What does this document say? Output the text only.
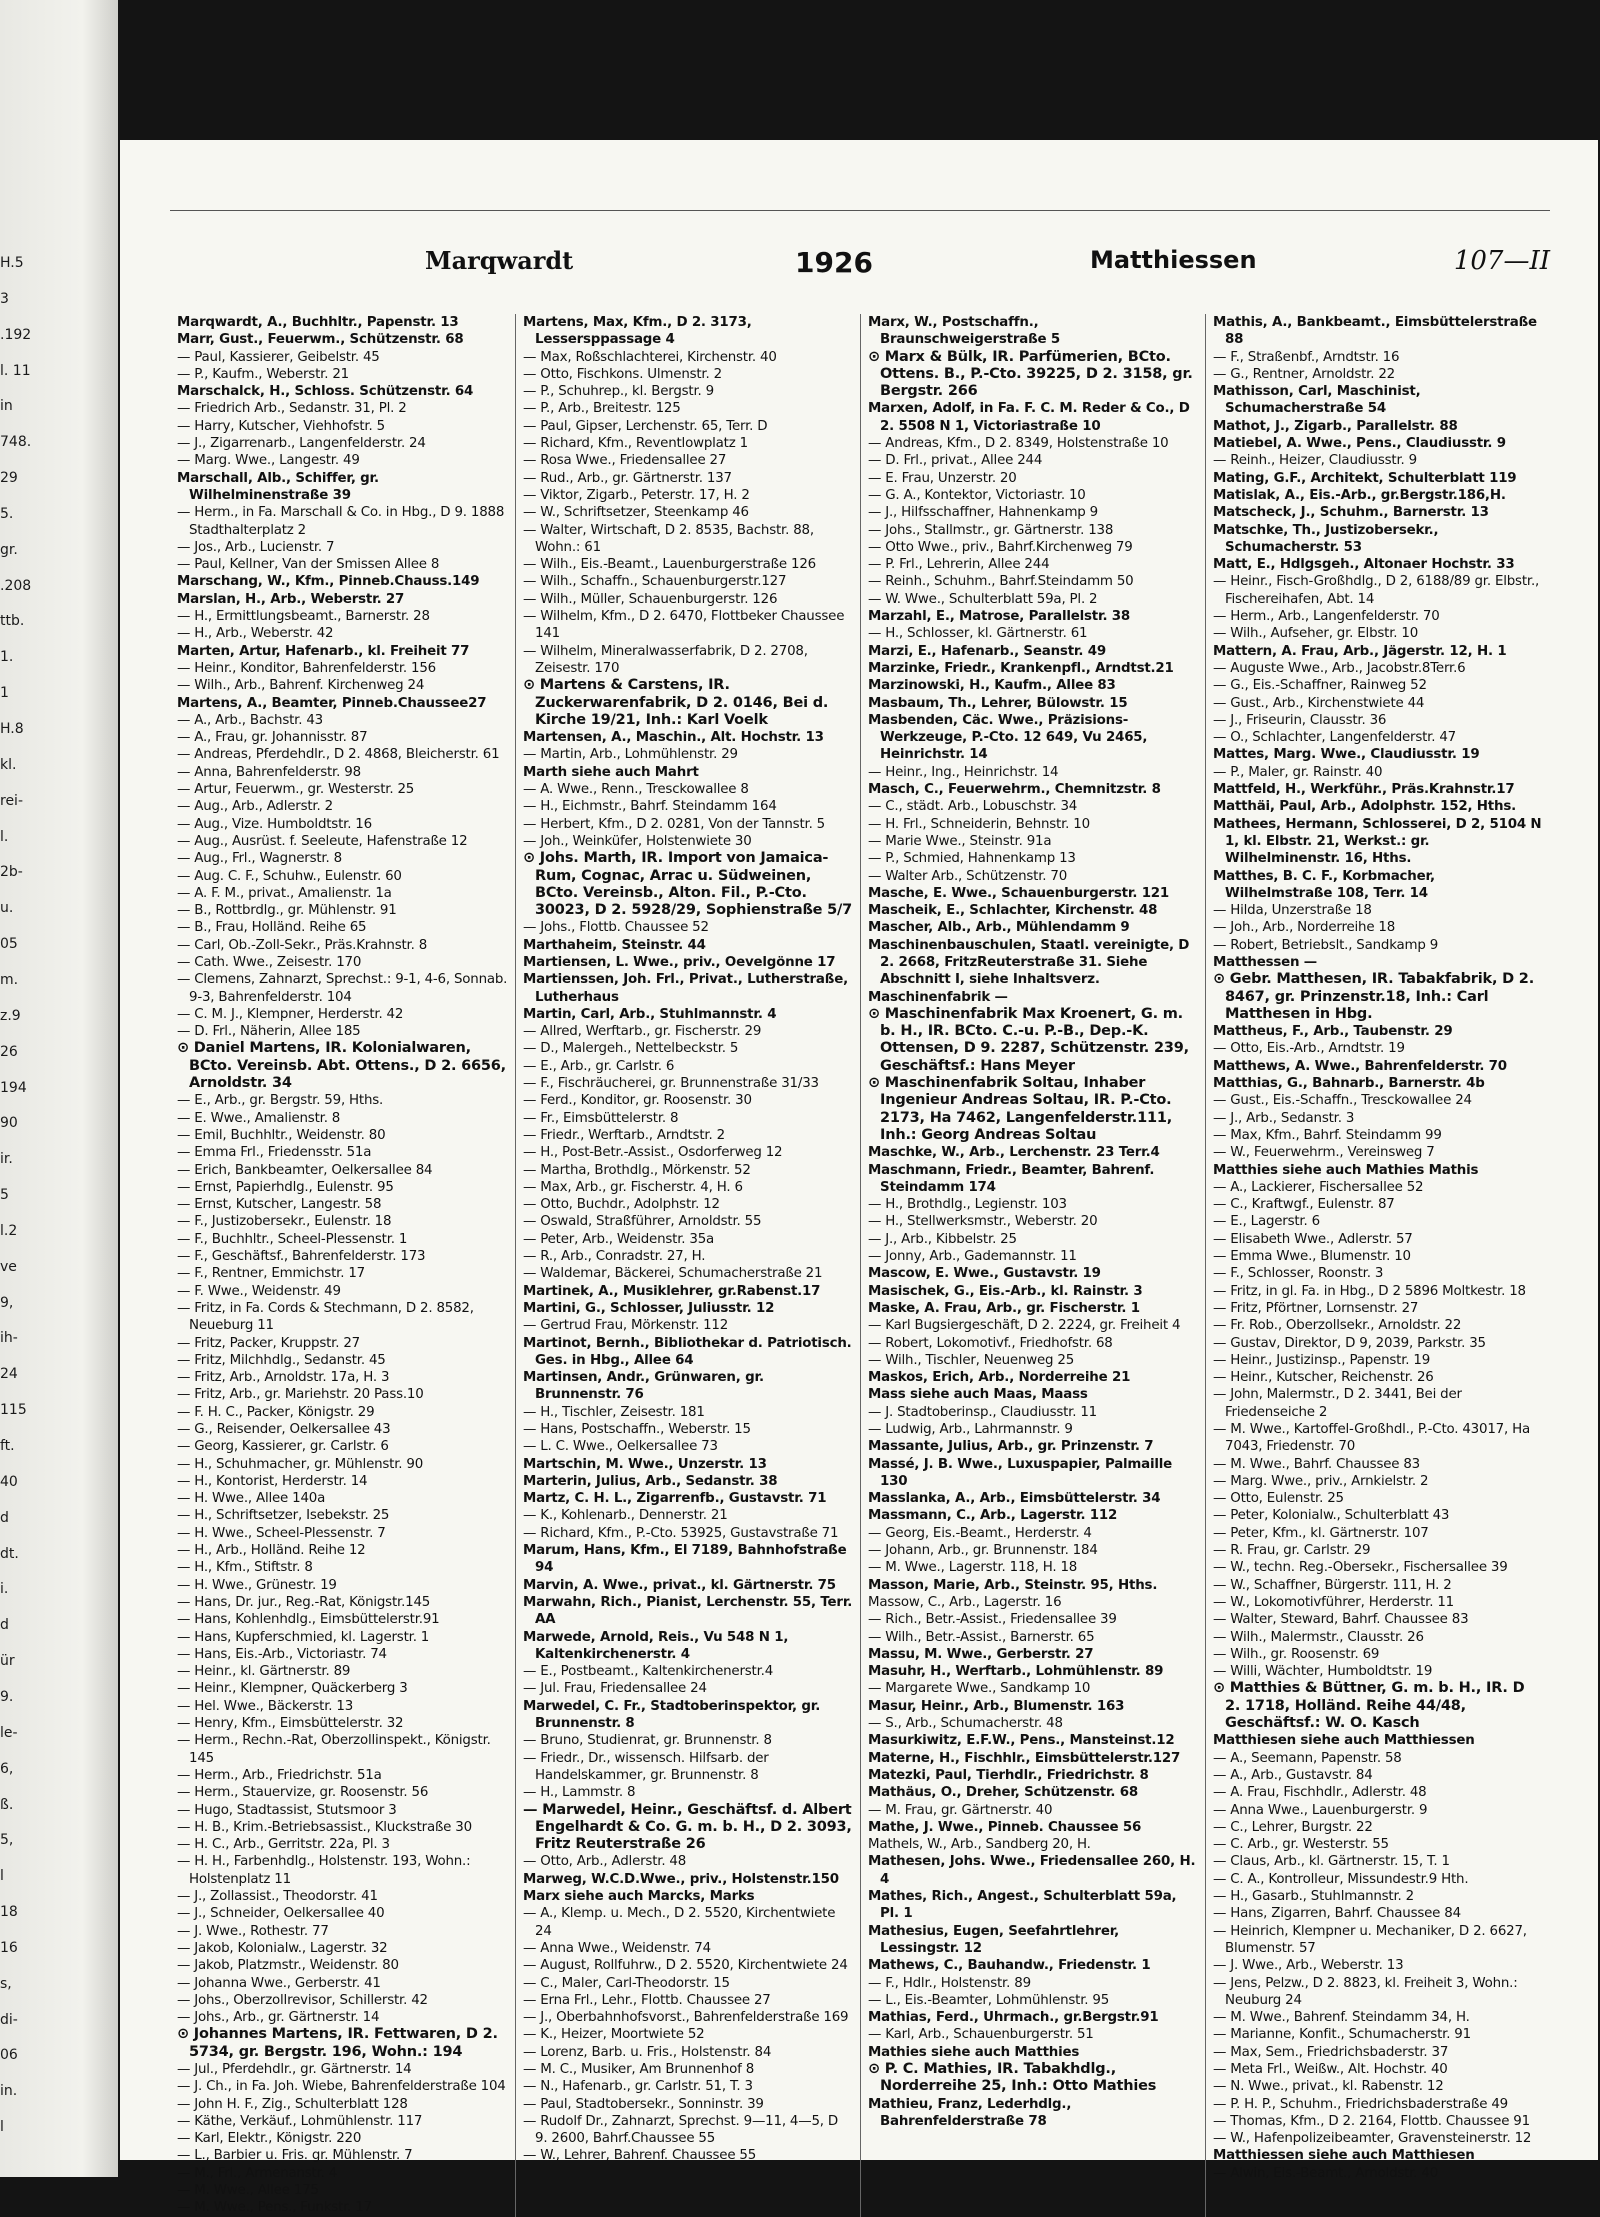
H.5
3
.192
l. 11
in
748.
29
5.
gr.
.208
ttb.
1.
1
H.8
kl.
rei-
l.
2b-
u.
05
m.
z.9
26
194
90
ir.
5
l.2
ve
9,
ih-
24
115
ft.
40
d
dt.
i.
d
ür
9.
le-
6,
ß.
5,
l
18
16
s,
di-
06
in.
l
Marqwardt	1926	Matthiessen	107—II

Marqwardt, A., Buchhltr., Papenstr. 13

Marr, Gust., Feuerwm., Schützenstr. 68

— Paul, Kassierer, Geibelstr. 45

— P., Kaufm., Weberstr. 21

Marschalck, H., Schloss. Schützenstr. 64

— Friedrich Arb., Sedanstr. 31, Pl. 2

— Harry, Kutscher, Viehhofstr. 5

— J., Zigarrenarb., Langenfelderstr. 24

— Marg. Wwe., Langestr. 49

Marschall, Alb., Schiffer, gr. Wilhelminenstraße 39

— Herm., in Fa. Marschall & Co. in Hbg., D 9. 1888 Stadthalterplatz 2

— Jos., Arb., Lucienstr. 7

— Paul, Kellner, Van der Smissen Allee 8

Marschang, W., Kfm., Pinneb.Chauss.149

Marslan, H., Arb., Weberstr. 27

— H., Ermittlungsbeamt., Barnerstr. 28

— H., Arb., Weberstr. 42

Marten, Artur, Hafenarb., kl. Freiheit 77

— Heinr., Konditor, Bahrenfelderstr. 156

— Wilh., Arb., Bahrenf. Kirchenweg 24

Martens, A., Beamter, Pinneb.Chaussee27

— A., Arb., Bachstr. 43

— A., Frau, gr. Johannisstr. 87

— Andreas, Pferdehdlr., D 2. 4868, Bleicherstr. 61

— Anna, Bahrenfelderstr. 98

— Artur, Feuerwm., gr. Westerstr. 25

— Aug., Arb., Adlerstr. 2

— Aug., Vize. Humboldtstr. 16

— Aug., Ausrüst. f. Seeleute, Hafenstraße 12

— Aug., Frl., Wagnerstr. 8

— Aug. C. F., Schuhw., Eulenstr. 60

— A. F. M., privat., Amalienstr. 1a

— B., Rottbrdlg., gr. Mühlenstr. 91

— B., Frau, Holländ. Reihe 65

— Carl, Ob.-Zoll-Sekr., Präs.Krahnstr. 8

— Cath. Wwe., Zeisestr. 170

— Clemens, Zahnarzt, Sprechst.: 9-1, 4-6, Sonnab. 9-3, Bahrenfelderstr. 104

— C. M. J., Klempner, Herderstr. 42

— D. Frl., Näherin, Allee 185

⊙ Daniel Martens, IR. Kolonialwaren, BCto. Vereinsb. Abt. Ottens., D 2. 6656, Arnoldstr. 34

— E., Arb., gr. Bergstr. 59, Hths.

— E. Wwe., Amalienstr. 8

— Emil, Buchhltr., Weidenstr. 80

— Emma Frl., Friedensstr. 51a

— Erich, Bankbeamter, Oelkersallee 84

— Ernst, Papierhdlg., Eulenstr. 95

— Ernst, Kutscher, Langestr. 58

— F., Justizobersekr., Eulenstr. 18

— F., Buchhltr., Scheel-Plessenstr. 1

— F., Geschäftsf., Bahrenfelderstr. 173

— F., Rentner, Emmichstr. 17

— F. Wwe., Weidenstr. 49

— Fritz, in Fa. Cords & Stechmann, D 2. 8582, Neueburg 11

— Fritz, Packer, Kruppstr. 27

— Fritz, Milchhdlg., Sedanstr. 45

— Fritz, Arb., Arnoldstr. 17a, H. 3

— Fritz, Arb., gr. Mariehstr. 20 Pass.10

— F. H. C., Packer, Königstr. 29

— G., Reisender, Oelkersallee 43

— Georg, Kassierer, gr. Carlstr. 6

— H., Schuhmacher, gr. Mühlenstr. 90

— H., Kontorist, Herderstr. 14

— H. Wwe., Allee 140a

— H., Schriftsetzer, Isebekstr. 25

— H. Wwe., Scheel-Plessenstr. 7

— H., Arb., Holländ. Reihe 12

— H., Kfm., Stiftstr. 8

— H. Wwe., Grünestr. 19

— Hans, Dr. jur., Reg.-Rat, Königstr.145

— Hans, Kohlenhdlg., Eimsbüttelerstr.91

— Hans, Kupferschmied, kl. Lagerstr. 1

— Hans, Eis.-Arb., Victoriastr. 74

— Heinr., kl. Gärtnerstr. 89

— Heinr., Klempner, Quäckerberg 3

— Hel. Wwe., Bäckerstr. 13

— Henry, Kfm., Eimsbüttelerstr. 32

— Herm., Rechn.-Rat, Oberzollinspekt., Königstr. 145

— Herm., Arb., Friedrichstr. 51a

— Herm., Stauervize, gr. Roosenstr. 56

— Hugo, Stadtassist, Stutsmoor 3

— H. B., Krim.-Betriebsassist., Kluckstraße 30

— H. C., Arb., Gerritstr. 22a, Pl. 3

— H. H., Farbenhdlg., Holstenstr. 193, Wohn.: Holstenplatz 11

— J., Zollassist., Theodorstr. 41

— J., Schneider, Oelkersallee 40

— J. Wwe., Rothestr. 77

— Jakob, Kolonialw., Lagerstr. 32

— Jakob, Platzmstr., Weidenstr. 80

— Johanna Wwe., Gerberstr. 41

— Johs., Oberzollrevisor, Schillerstr. 42

— Johs., Arb., gr. Gärtnerstr. 14

⊙ Johannes Martens, IR. Fettwaren, D 2. 5734, gr. Bergstr. 196, Wohn.: 194

— Jul., Pferdehdlr., gr. Gärtnerstr. 14

— J. Ch., in Fa. Joh. Wiebe, Bahrenfelderstraße 104

— John H. F., Zig., Schulterblatt 128

— Käthe, Verkäuf., Lohmühlenstr. 117

— Karl, Elektr., Königstr. 220

— L., Barbier u. Fris. gr. Mühlenstr. 7

— M., Frl., Armenanstr. 4

— M. Wwe., Allee 175

— M. Wwe., Pens., Funkstr. 17

Martens, Max, Kfm., D 2. 3173, Lessersppassage 4

— Max, Roßschlachterei, Kirchenstr. 40

— Otto, Fischkons. Ulmenstr. 2

— P., Schuhrep., kl. Bergstr. 9

— P., Arb., Breitestr. 125

— Paul, Gipser, Lerchenstr. 65, Terr. D

— Richard, Kfm., Reventlowplatz 1

— Rosa Wwe., Friedensallee 27

— Rud., Arb., gr. Gärtnerstr. 137

— Viktor, Zigarb., Peterstr. 17, H. 2

— W., Schriftsetzer, Steenkamp 46

— Walter, Wirtschaft, D 2. 8535, Bachstr. 88, Wohn.: 61

— Wilh., Eis.-Beamt., Lauenburgerstraße 126

— Wilh., Schaffn., Schauenburgerstr.127

— Wilh., Müller, Schauenburgerstr. 126

— Wilhelm, Kfm., D 2. 6470, Flottbeker Chaussee 141

— Wilhelm, Mineralwasserfabrik, D 2. 2708, Zeisestr. 170

⊙ Martens & Carstens, IR. Zuckerwarenfabrik, D 2. 0146, Bei d. Kirche 19/21, Inh.: Karl Voelk

Martensen, A., Maschin., Alt. Hochstr. 13

— Martin, Arb., Lohmühlenstr. 29

Marth siehe auch Mahrt

— A. Wwe., Renn., Tresckowallee 8

— H., Eichmstr., Bahrf. Steindamm 164

— Herbert, Kfm., D 2. 0281, Von der Tannstr. 5

— Joh., Weinküfer, Holstenwiete 30

⊙ Johs. Marth, IR. Import von Jamaica-Rum, Cognac, Arrac u. Südweinen, BCto. Vereinsb., Alton. Fil., P.-Cto. 30023, D 2. 5928/29, Sophienstraße 5/7

— Johs., Flottb. Chaussee 52

Marthaheim, Steinstr. 44

Martiensen, L. Wwe., priv., Oevelgönne 17

Martienssen, Joh. Frl., Privat., Lutherstraße, Lutherhaus

Martin, Carl, Arb., Stuhlmannstr. 4

— Allred, Werftarb., gr. Fischerstr. 29

— D., Malergeh., Nettelbeckstr. 5

— E., Arb., gr. Carlstr. 6

— F., Fischräucherei, gr. Brunnenstraße 31/33

— Ferd., Konditor, gr. Roosenstr. 30

— Fr., Eimsbüttelerstr. 8

— Friedr., Werftarb., Arndtstr. 2

— H., Post-Betr.-Assist., Osdorferweg 12

— Martha, Brothdlg., Mörkenstr. 52

— Max, Arb., gr. Fischerstr. 4, H. 6

— Otto, Buchdr., Adolphstr. 12

— Oswald, Straßführer, Arnoldstr. 55

— Peter, Arb., Weidenstr. 35a

— R., Arb., Conradstr. 27, H.

— Waldemar, Bäckerei, Schumacherstraße 21

Martinek, A., Musiklehrer, gr.Rabenst.17

Martini, G., Schlosser, Juliusstr. 12

— Gertrud Frau, Mörkenstr. 112

Martinot, Bernh., Bibliothekar d. Patriotisch. Ges. in Hbg., Allee 64

Martinsen, Andr., Grünwaren, gr. Brunnenstr. 76

— H., Tischler, Zeisestr. 181

— Hans, Postschaffn., Weberstr. 15

— L. C. Wwe., Oelkersallee 73

Martschin, M. Wwe., Unzerstr. 13

Marterin, Julius, Arb., Sedanstr. 38

Martz, C. H. L., Zigarrenfb., Gustavstr. 71

— K., Kohlenarb., Dennerstr. 21

— Richard, Kfm., P.-Cto. 53925, Gustavstraße 71

Marum, Hans, Kfm., El 7189, Bahnhofstraße 94

Marvin, A. Wwe., privat., kl. Gärtnerstr. 75

Marwahn, Rich., Pianist, Lerchenstr. 55, Terr. AA

Marwede, Arnold, Reis., Vu 548 N 1, Kaltenkirchenerstr. 4

— E., Postbeamt., Kaltenkirchenerstr.4

— Jul. Frau, Friedensallee 24

Marwedel, C. Fr., Stadtoberinspektor, gr. Brunnenstr. 8

— Bruno, Studienrat, gr. Brunnenstr. 8

— Friedr., Dr., wissensch. Hilfsarb. der Handelskammer, gr. Brunnenstr. 8

— H., Lammstr. 8

— Marwedel, Heinr., Geschäftsf. d. Albert Engelhardt & Co. G. m. b. H., D 2. 3093, Fritz Reuterstraße 26

— Otto, Arb., Adlerstr. 48

Marweg, W.C.D.Wwe., priv., Holstenstr.150

Marx siehe auch Marcks, Marks

— A., Klemp. u. Mech., D 2. 5520, Kirchentwiete 24

— Anna Wwe., Weidenstr. 74

— August, Rollfuhrw., D 2. 5520, Kirchentwiete 24

— C., Maler, Carl-Theodorstr. 15

— Erna Frl., Lehr., Flottb. Chaussee 27

— J., Oberbahnhofsvorst., Bahrenfelderstraße 169

— K., Heizer, Moortwiete 52

— Lorenz, Barb. u. Fris., Holstenstr. 84

— M. C., Musiker, Am Brunnenhof 8

— N., Hafenarb., gr. Carlstr. 51, T. 3

— Paul, Stadtobersekr., Sonninstr. 39

— Rudolf Dr., Zahnarzt, Sprechst. 9—11, 4—5, D 9. 2600, Bahrf.Chaussee 55

— W., Lehrer, Bahrenf. Chaussee 55

Marx, W., Postschaffn., Braunschweigerstraße 5

⊙ Marx & Bülk, IR. Parfümerien, BCto. Ottens. B., P.-Cto. 39225, D 2. 3158, gr. Bergstr. 266

Marxen, Adolf, in Fa. F. C. M. Reder & Co., D 2. 5508 N 1, Victoriastraße 10

— Andreas, Kfm., D 2. 8349, Holstenstraße 10

— D. Frl., privat., Allee 244

— E. Frau, Unzerstr. 20

— G. A., Kontektor, Victoriastr. 10

— J., Hilfsschaffner, Hahnenkamp 9

— Johs., Stallmstr., gr. Gärtnerstr. 138

— Otto Wwe., priv., Bahrf.Kirchenweg 79

— P. Frl., Lehrerin, Allee 244

— Reinh., Schuhm., Bahrf.Steindamm 50

— W. Wwe., Schulterblatt 59a, Pl. 2

Marzahl, E., Matrose, Parallelstr. 38

— H., Schlosser, kl. Gärtnerstr. 61

Marzi, E., Hafenarb., Seanstr. 49

Marzinke, Friedr., Krankenpfl., Arndtst.21

Marzinowski, H., Kaufm., Allee 83

Masbaum, Th., Lehrer, Bülowstr. 15

Masbenden, Cäc. Wwe., Präzisions-Werkzeuge, P.-Cto. 12 649, Vu 2465, Heinrichstr. 14

— Heinr., Ing., Heinrichstr. 14

Masch, C., Feuerwehrm., Chemnitzstr. 8

— C., städt. Arb., Lobuschstr. 34

— H. Frl., Schneiderin, Behnstr. 10

— Marie Wwe., Steinstr. 91a

— P., Schmied, Hahnenkamp 13

— Walter Arb., Schützenstr. 70

Masche, E. Wwe., Schauenburgerstr. 121

Mascheik, E., Schlachter, Kirchenstr. 48

Mascher, Alb., Arb., Mühlendamm 9

Maschinenbauschulen, Staatl. vereinigte, D 2. 2668, FritzReuterstraße 31. Siehe Abschnitt I, siehe Inhaltsverz.

Maschinenfabrik —

⊙ Maschinenfabrik Max Kroenert, G. m. b. H., IR. BCto. C.-u. P.-B., Dep.-K. Ottensen, D 9. 2287, Schützenstr. 239, Geschäftsf.: Hans Meyer

⊙ Maschinenfabrik Soltau, Inhaber Ingenieur Andreas Soltau, IR. P.-Cto. 2173, Ha 7462, Langenfelderstr.111, Inh.: Georg Andreas Soltau

Maschke, W., Arb., Lerchenstr. 23 Terr.4

Maschmann, Friedr., Beamter, Bahrenf. Steindamm 174

— H., Brothdlg., Legienstr. 103

— H., Stellwerksmstr., Weberstr. 20

— J., Arb., Kibbelstr. 25

— Jonny, Arb., Gademannstr. 11

Mascow, E. Wwe., Gustavstr. 19

Masischek, G., Eis.-Arb., kl. Rainstr. 3

Maske, A. Frau, Arb., gr. Fischerstr. 1

— Karl Bugsiergeschäft, D 2. 2224, gr. Freiheit 4

— Robert, Lokomotivf., Friedhofstr. 68

— Wilh., Tischler, Neuenweg 25

Maskos, Erich, Arb., Norderreihe 21

Mass siehe auch Maas, Maass

— J. Stadtoberinsp., Claudiusstr. 11

— Ludwig, Arb., Lahrmannstr. 9

Massante, Julius, Arb., gr. Prinzenstr. 7

Massé, J. B. Wwe., Luxuspapier, Palmaille 130

Masslanka, A., Arb., Eimsbüttelerstr. 34

Massmann, C., Arb., Lagerstr. 112

— Georg, Eis.-Beamt., Herderstr. 4

— Johann, Arb., gr. Brunnenstr. 184

— M. Wwe., Lagerstr. 118, H. 18

Masson, Marie, Arb., Steinstr. 95, Hths.

Massow, C., Arb., Lagerstr. 16

— Rich., Betr.-Assist., Friedensallee 39

— Wilh., Betr.-Assist., Barnerstr. 65

Massu, M. Wwe., Gerberstr. 27

Masuhr, H., Werftarb., Lohmühlenstr. 89

— Margarete Wwe., Sandkamp 10

Masur, Heinr., Arb., Blumenstr. 163

— S., Arb., Schumacherstr. 48

Masurkiwitz, E.F.W., Pens., Mansteinst.12

Materne, H., Fischhlr., Eimsbüttelerstr.127

Matezki, Paul, Tierhdlr., Friedrichstr. 8

Mathäus, O., Dreher, Schützenstr. 68

— M. Frau, gr. Gärtnerstr. 40

Mathe, J. Wwe., Pinneb. Chaussee 56

Mathels, W., Arb., Sandberg 20, H.

Mathesen, Johs. Wwe., Friedensallee 260, H. 4

Mathes, Rich., Angest., Schulterblatt 59a, Pl. 1

Mathesius, Eugen, Seefahrtlehrer, Lessingstr. 12

Mathews, C., Bauhandw., Friedenstr. 1

— F., Hdlr., Holstenstr. 89

— L., Eis.-Beamter, Lohmühlenstr. 95

Mathias, Ferd., Uhrmach., gr.Bergstr.91

— Karl, Arb., Schauenburgerstr. 51

Mathies siehe auch Matthies

⊙ P. C. Mathies, IR. Tabakhdlg., Norderreihe 25, Inh.: Otto Mathies

Mathieu, Franz, Lederhdlg., Bahrenfelderstraße 78

Mathis, A., Bankbeamt., Eimsbüttelerstraße 88

— F., Straßenbf., Arndtstr. 16

— G., Rentner, Arnoldstr. 22

Mathisson, Carl, Maschinist, Schumacherstraße 54

Mathot, J., Zigarb., Parallelstr. 88

Matiebel, A. Wwe., Pens., Claudiusstr. 9

— Reinh., Heizer, Claudiusstr. 9

Mating, G.F., Architekt, Schulterblatt 119

Matislak, A., Eis.-Arb., gr.Bergstr.186,H.

Matscheck, J., Schuhm., Barnerstr. 13

Matschke, Th., Justizobersekr., Schumacherstr. 53

Matt, E., Hdlgsgeh., Altonaer Hochstr. 33

— Heinr., Fisch-Großhdlg., D 2, 6188/89 gr. Elbstr., Fischereihafen, Abt. 14

— Herm., Arb., Langenfelderstr. 70

— Wilh., Aufseher, gr. Elbstr. 10

Mattern, A. Frau, Arb., Jägerstr. 12, H. 1

— Auguste Wwe., Arb., Jacobstr.8Terr.6

— G., Eis.-Schaffner, Rainweg 52

— Gust., Arb., Kirchenstwiete 44

— J., Friseurin, Clausstr. 36

— O., Schlachter, Langenfelderstr. 47

Mattes, Marg. Wwe., Claudiusstr. 19

— P., Maler, gr. Rainstr. 40

Mattfeld, H., Werkführ., Präs.Krahnstr.17

Matthäi, Paul, Arb., Adolphstr. 152, Hths.

Mathees, Hermann, Schlosserei, D 2, 5104 N 1, kl. Elbstr. 21, Werkst.: gr. Wilhelminenstr. 16, Hths.

Matthes, B. C. F., Korbmacher, Wilhelmstraße 108, Terr. 14

— Hilda, Unzerstraße 18

— Joh., Arb., Norderreihe 18

— Robert, Betriebslt., Sandkamp 9

Matthessen —

⊙ Gebr. Matthesen, IR. Tabakfabrik, D 2. 8467, gr. Prinzenstr.18, Inh.: Carl Matthesen in Hbg.

Mattheus, F., Arb., Taubenstr. 29

— Otto, Eis.-Arb., Arndtstr. 19

Matthews, A. Wwe., Bahrenfelderstr. 70

Matthias, G., Bahnarb., Barnerstr. 4b

— Gust., Eis.-Schaffn., Tresckowallee 24

— J., Arb., Sedanstr. 3

— Max, Kfm., Bahrf. Steindamm 99

— W., Feuerwehrm., Vereinsweg 7

Matthies siehe auch Mathies Mathis

— A., Lackierer, Fischersallee 52

— C., Kraftwgf., Eulenstr. 87

— E., Lagerstr. 6

— Elisabeth Wwe., Adlerstr. 57

— Emma Wwe., Blumenstr. 10

— F., Schlosser, Roonstr. 3

— Fritz, in gl. Fa. in Hbg., D 2 5896 Moltkestr. 18

— Fritz, Pförtner, Lornsenstr. 27

— Fr. Rob., Oberzollsekr., Arnoldstr. 22

— Gustav, Direktor, D 9, 2039, Parkstr. 35

— Heinr., Justizinsp., Papenstr. 19

— Heinr., Kutscher, Reichenstr. 26

— John, Malermstr., D 2. 3441, Bei der Friedenseiche 2

— M. Wwe., Kartoffel-Großhdl., P.-Cto. 43017, Ha 7043, Friedenstr. 70

— M. Wwe., Bahrf. Chaussee 83

— Marg. Wwe., priv., Arnkielstr. 2

— Otto, Eulenstr. 25

— Peter, Kolonialw., Schulterblatt 43

— Peter, Kfm., kl. Gärtnerstr. 107

— R. Frau, gr. Carlstr. 29

— W., techn. Reg.-Obersekr., Fischersallee 39

— W., Schaffner, Bürgerstr. 111, H. 2

— W., Lokomotivführer, Herderstr. 11

— Walter, Steward, Bahrf. Chaussee 83

— Wilh., Malermstr., Clausstr. 26

— Wilh., gr. Roosenstr. 69

— Willi, Wächter, Humboldtstr. 19

⊙ Matthies & Büttner, G. m. b. H., IR. D 2. 1718, Holländ. Reihe 44/48, Geschäftsf.: W. O. Kasch

Matthiesen siehe auch Matthiessen

— A., Seemann, Papenstr. 58

— A., Arb., Gustavstr. 84

— A. Frau, Fischhdlr., Adlerstr. 48

— Anna Wwe., Lauenburgerstr. 9

— C., Lehrer, Burgstr. 22

— C. Arb., gr. Westerstr. 55

— Claus, Arb., kl. Gärtnerstr. 15, T. 1

— C. A., Kontrolleur, Missundestr.9 Hth.

— H., Gasarb., Stuhlmannstr. 2

— Hans, Zigarren, Bahrf. Chaussee 84

— Heinrich, Klempner u. Mechaniker, D 2. 6627, Blumenstr. 57

— J. Wwe., Arb., Weberstr. 13

— Jens, Pelzw., D 2. 8823, kl. Freiheit 3, Wohn.: Neuburg 24

— M. Wwe., Bahrenf. Steindamm 34, H.

— Marianne, Konfit., Schumacherstr. 91

— Max, Sem., Friedrichsbaderstr. 37

— Meta Frl., Weißw., Alt. Hochstr. 40

— N. Wwe., privat., kl. Rabenstr. 12

— P. H. P., Schuhm., Friedrichsbaderstraße 49

— Thomas, Kfm., D 2. 2164, Flottb. Chaussee 91

— W., Hafenpolizeibeamter, Gravensteinerstr. 12

Matthiessen siehe auch Matthiesen

— Alwin, Eis.-Beamt., Arnoldstr. 40
